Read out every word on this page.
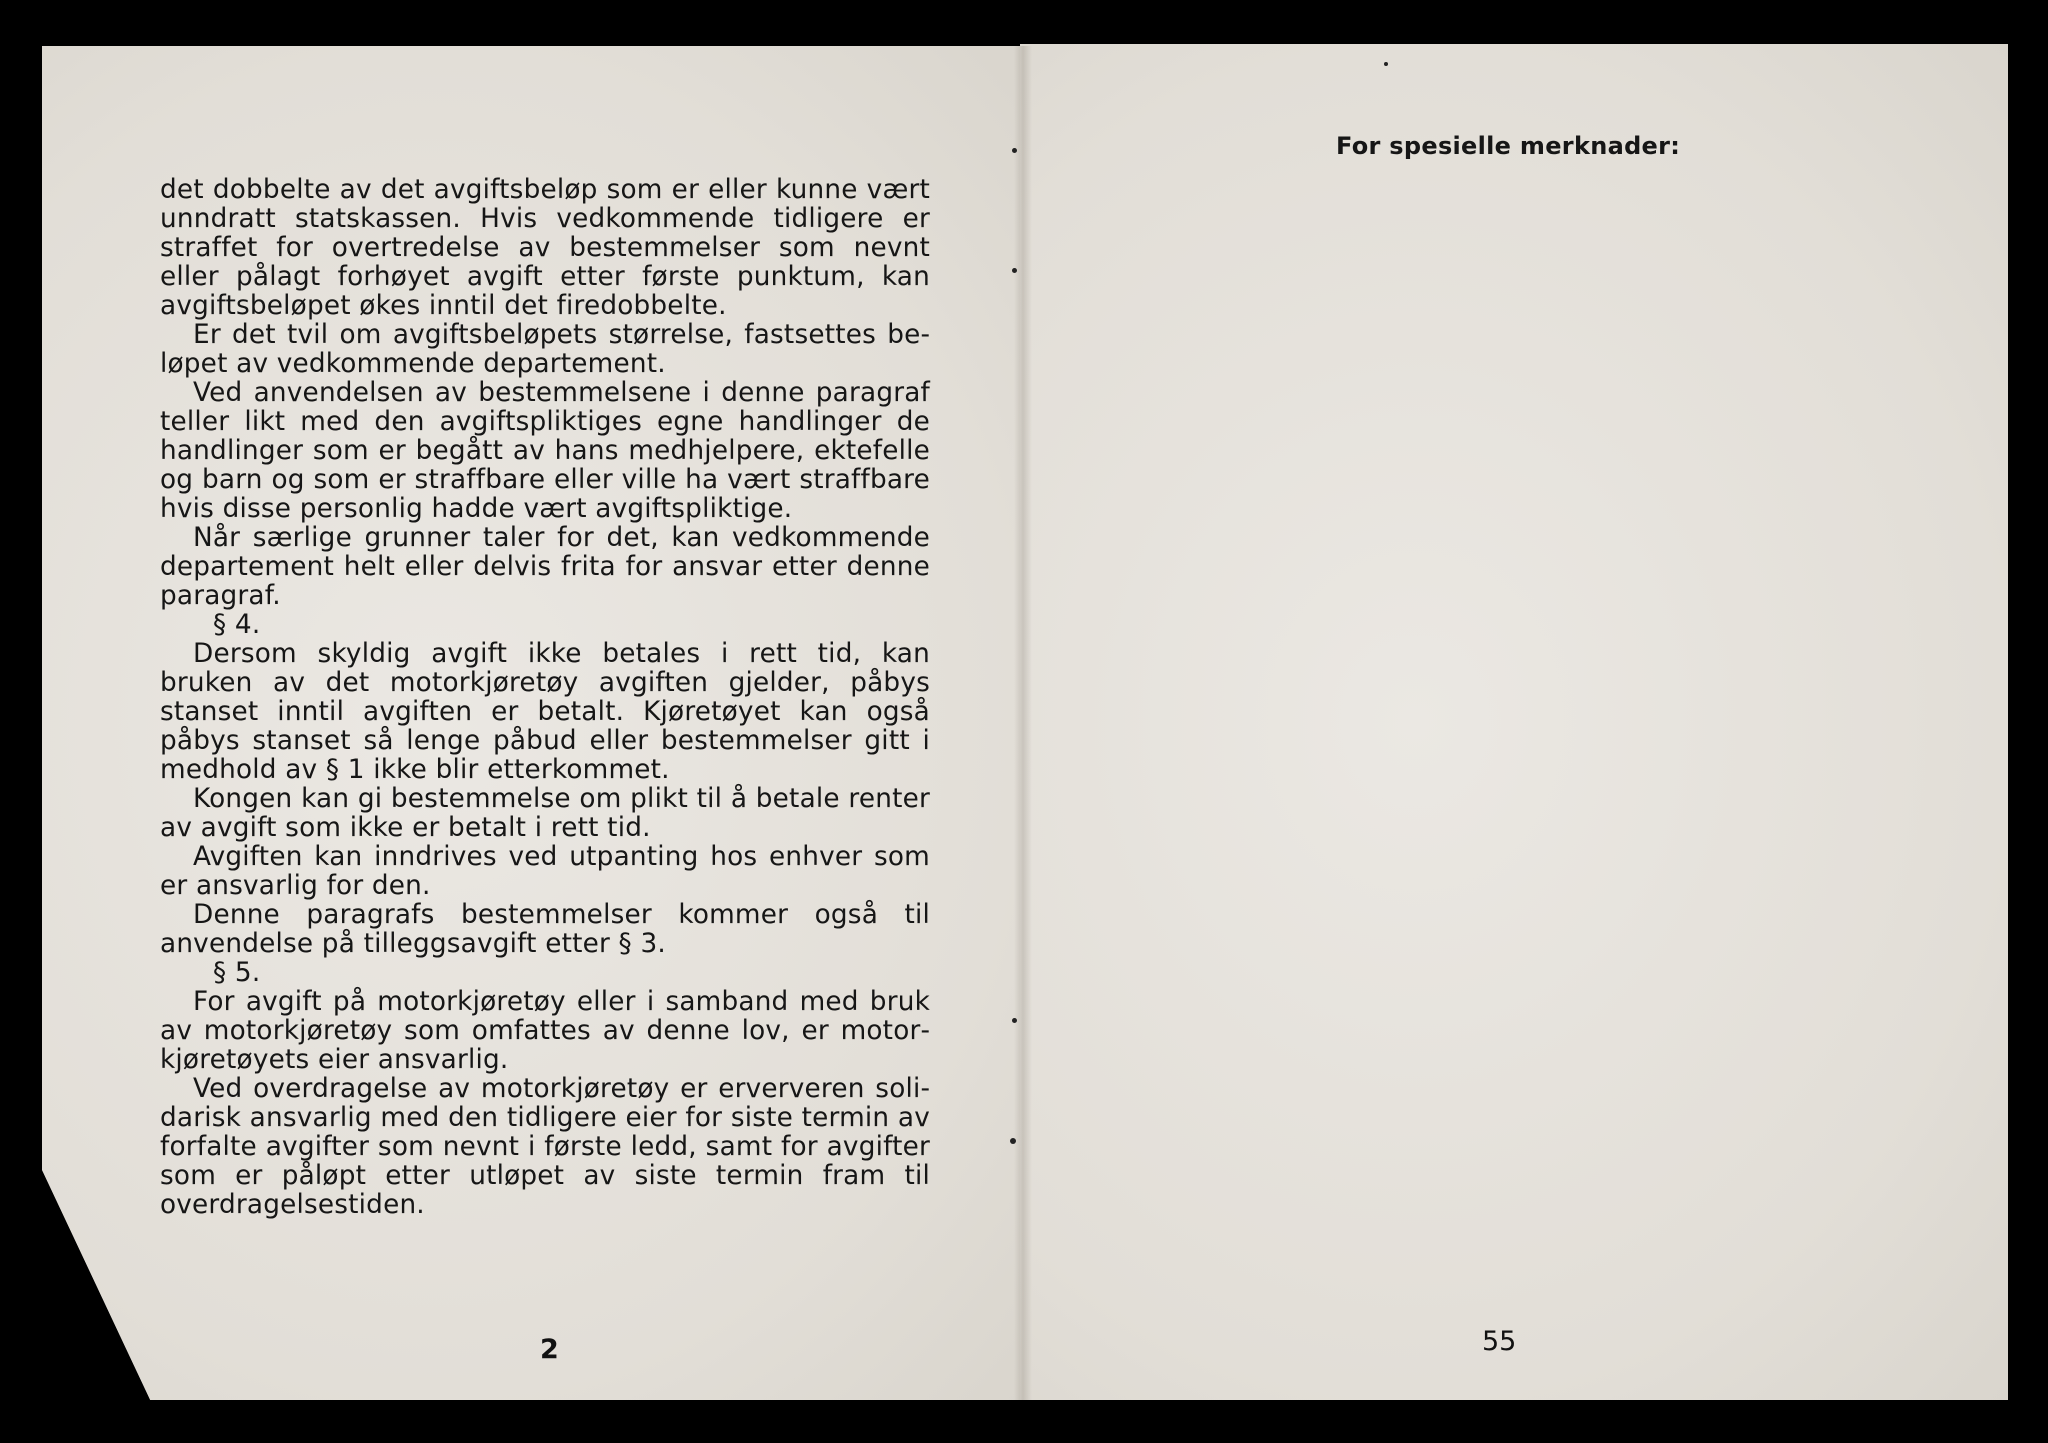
det dobbelte av det avgiftsbeløp som er eller kunne vært unndratt statskassen. Hvis vedkommende tidligere er straffet for overtredelse av bestemmelser som nevnt eller pålagt forhøyet avgift etter første punktum, kan avgiftsbeløpet økes inntil det firedobbelte.

Er det tvil om avgiftsbeløpets størrelse, fastsettes beløpet av vedkommende departement.

Ved anvendelsen av bestemmelsene i denne paragraf teller likt med den avgiftspliktiges egne handlinger de handlinger som er begått av hans medhjelpere, ektefelle og barn og som er straffbare eller ville ha vært straffbare hvis disse personlig hadde vært avgiftspliktige.

Når særlige grunner taler for det, kan vedkommende departement helt eller delvis frita for ansvar etter denne paragraf.

§ 4.

Dersom skyldig avgift ikke betales i rett tid, kan bruken av det motorkjøretøy avgiften gjelder, påbys stanset inntil avgiften er betalt. Kjøretøyet kan også påbys stanset så lenge påbud eller bestemmelser gitt i medhold av § 1 ikke blir etterkommet.

Kongen kan gi bestemmelse om plikt til å betale renter av avgift som ikke er betalt i rett tid.

Avgiften kan inndrives ved utpanting hos enhver som er ansvarlig for den.

Denne paragrafs bestemmelser kommer også til anvendelse på tilleggsavgift etter § 3.

§ 5.

For avgift på motorkjøretøy eller i samband med bruk av motorkjøretøy som omfattes av denne lov, er motorkjøretøyets eier ansvarlig.

Ved overdragelse av motorkjøretøy er erververen solidarisk ansvarlig med den tidligere eier for siste termin av forfalte avgifter som nevnt i første ledd, samt for avgifter som er påløpt etter utløpet av siste termin fram til overdragelsestiden.

2
For spesielle merknader:
55
